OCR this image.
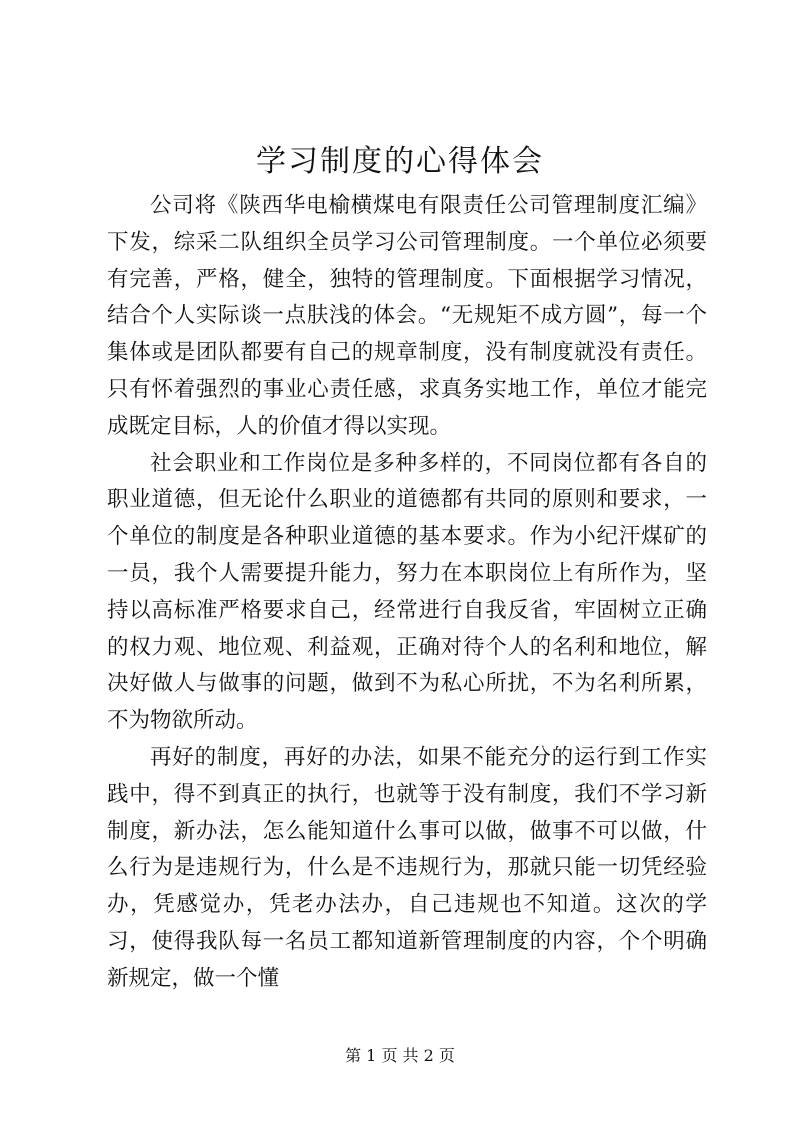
学习制度的心得体会

公司将《陕西华电榆横煤电有限责任公司管理制度汇编》下发，综采二队组织全员学习公司管理制度。一个单位必须要有完善，严格，健全，独特的管理制度。下面根据学习情况，结合个人实际谈一点肤浅的体会。“无规矩不成方圆”，每一个集体或是团队都要有自己的规章制度，没有制度就没有责任。只有怀着强烈的事业心责任感，求真务实地工作，单位才能完成既定目标，人的价值才得以实现。

社会职业和工作岗位是多种多样的，不同岗位都有各自的职业道德，但无论什么职业的道德都有共同的原则和要求，一个单位的制度是各种职业道德的基本要求。作为小纪汗煤矿的一员，我个人需要提升能力，努力在本职岗位上有所作为，坚持以高标准严格要求自己，经常进行自我反省，牢固树立正确的权力观、地位观、利益观，正确对待个人的名利和地位，解决好做人与做事的问题，做到不为私心所扰，不为名利所累，不为物欲所动。

再好的制度，再好的办法，如果不能充分的运行到工作实践中，得不到真正的执行，也就等于没有制度，我们不学习新制度，新办法，怎么能知道什么事可以做，做事不可以做，什么行为是违规行为，什么是不违规行为，那就只能一切凭经验办，凭感觉办，凭老办法办，自己违规也不知道。这次的学习，使得我队每一名员工都知道新管理制度的内容，个个明确新规定，做一个懂

第 1 页 共 2 页
